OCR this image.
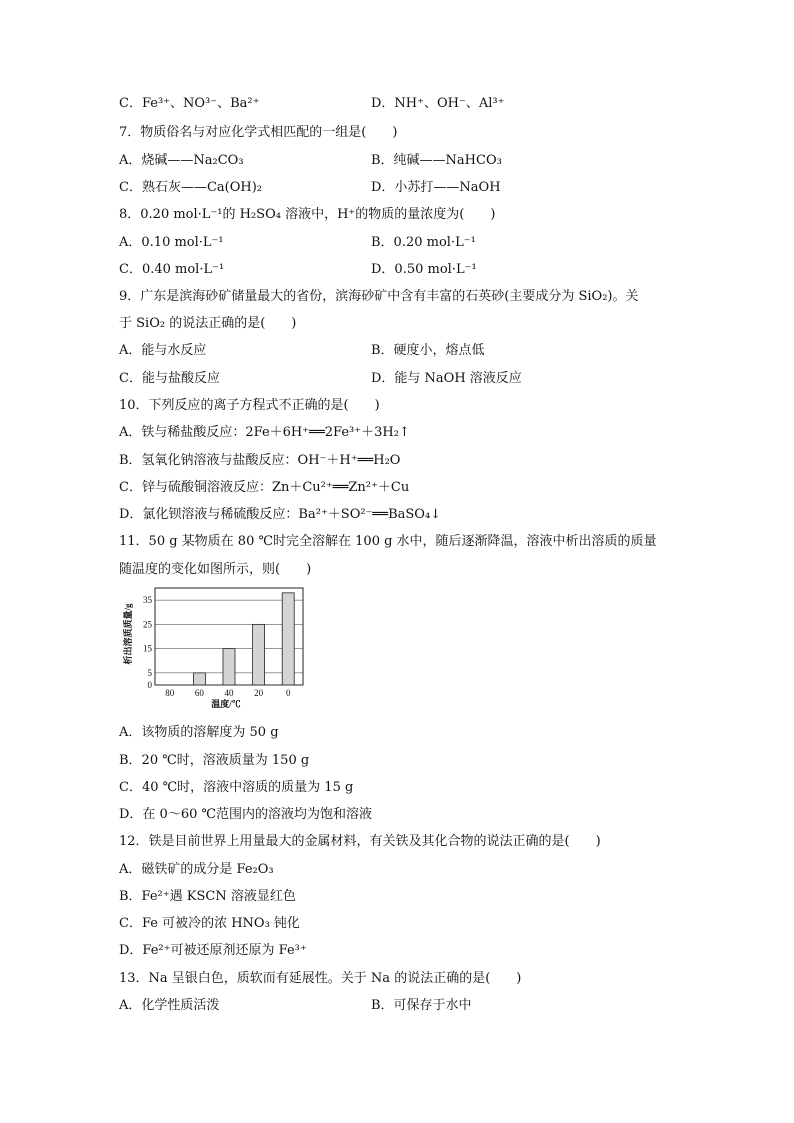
C．Fe³⁺、NO³⁻、Ba²⁺	D．NH⁺、OH⁻、Al³⁺
7．物质俗名与对应化学式相匹配的一组是(　　)
A．烧碱——Na₂CO₃	B．纯碱——NaHCO₃
C．熟石灰——Ca(OH)₂	D．小苏打——NaOH
8．0.20 mol·L⁻¹的 H₂SO₄ 溶液中，H⁺的物质的量浓度为(　　)
A．0.10 mol·L⁻¹	B．0.20 mol·L⁻¹
C．0.40 mol·L⁻¹	D．0.50 mol·L⁻¹
9．广东是滨海砂矿储量最大的省份，滨海砂矿中含有丰富的石英砂(主要成分为 SiO₂)。关
于 SiO₂ 的说法正确的是(　　)
A．能与水反应	B．硬度小，熔点低
C．能与盐酸反应	D．能与 NaOH 溶液反应
10．下列反应的离子方程式不正确的是(　　)
A．铁与稀盐酸反应：2Fe＋6H⁺══2Fe³⁺＋3H₂↑
B．氢氧化钠溶液与盐酸反应：OH⁻＋H⁺══H₂O
C．锌与硫酸铜溶液反应：Zn＋Cu²⁺══Zn²⁺＋Cu
D．氯化钡溶液与稀硫酸反应：Ba²⁺＋SO²⁻══BaSO₄↓
11．50 g 某物质在 80 ℃时完全溶解在 100 g 水中，随后逐渐降温，溶液中析出溶质的质量
随温度的变化如图所示，则(　　)
A．该物质的溶解度为 50 g
B．20 ℃时，溶液质量为 150 g
C．40 ℃时，溶液中溶质的质量为 15 g
D．在 0～60 ℃范围内的溶液均为饱和溶液
12．铁是目前世界上用量最大的金属材料，有关铁及其化合物的说法正确的是(　　)
A．磁铁矿的成分是 Fe₂O₃
B．Fe²⁺遇 KSCN 溶液显红色
C．Fe 可被冷的浓 HNO₃ 钝化
D．Fe²⁺可被还原剂还原为 Fe³⁺
13．Na 呈银白色，质软而有延展性。关于 Na 的说法正确的是(　　)
A．化学性质活泼	B．可保存于水中
0
5
15
25
35
80 60 40 20	0
析出溶质质量/g
温度/℃
